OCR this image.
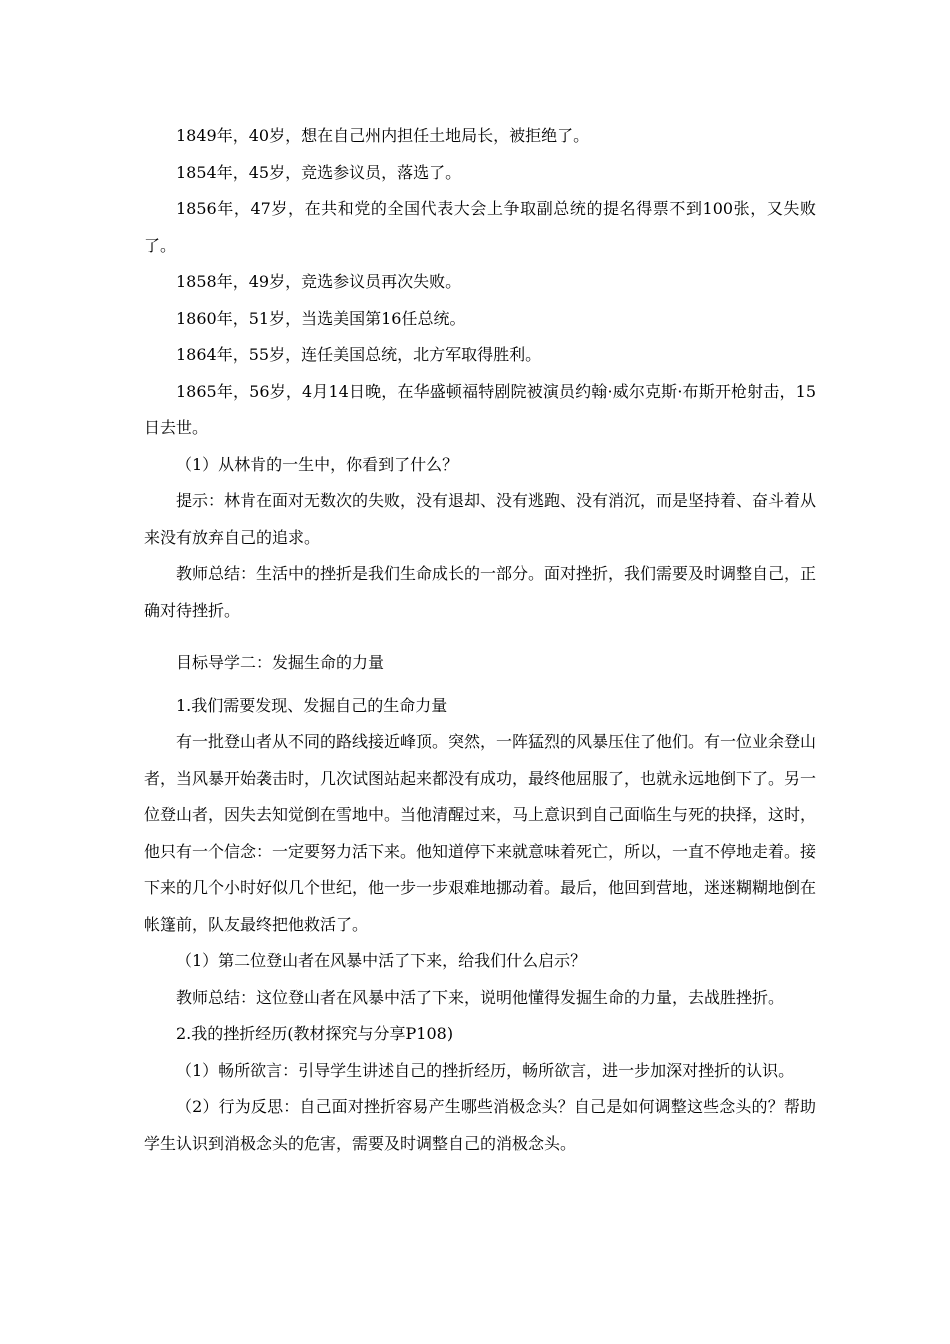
1849年，40岁，想在自己州内担任土地局长，被拒绝了。

1854年，45岁，竞选参议员，落选了。

1856年，47岁，在共和党的全国代表大会上争取副总统的提名得票不到100张，又失败了。

1858年，49岁，竞选参议员再次失败。

1860年，51岁，当选美国第16任总统。

1864年，55岁，连任美国总统，北方军取得胜利。

1865年，56岁，4月14日晚，在华盛顿福特剧院被演员约翰·威尔克斯·布斯开枪射击，15日去世。

（1）从林肯的一生中，你看到了什么？

提示：林肯在面对无数次的失败，没有退却、没有逃跑、没有消沉，而是坚持着、奋斗着从来没有放弃自己的追求。

教师总结：生活中的挫折是我们生命成长的一部分。面对挫折，我们需要及时调整自己，正确对待挫折。

目标导学二：发掘生命的力量

1.我们需要发现、发掘自己的生命力量

有一批登山者从不同的路线接近峰顶。突然，一阵猛烈的风暴压住了他们。有一位业余登山者，当风暴开始袭击时，几次试图站起来都没有成功，最终他屈服了，也就永远地倒下了。另一位登山者，因失去知觉倒在雪地中。当他清醒过来，马上意识到自己面临生与死的抉择，这时，他只有一个信念：一定要努力活下来。他知道停下来就意味着死亡，所以，一直不停地走着。接下来的几个小时好似几个世纪，他一步一步艰难地挪动着。最后，他回到营地，迷迷糊糊地倒在帐篷前，队友最终把他救活了。

（1）第二位登山者在风暴中活了下来，给我们什么启示？

教师总结：这位登山者在风暴中活了下来，说明他懂得发掘生命的力量，去战胜挫折。

2.我的挫折经历(教材探究与分享P108)

（1）畅所欲言：引导学生讲述自己的挫折经历，畅所欲言，进一步加深对挫折的认识。

（2）行为反思：自己面对挫折容易产生哪些消极念头？自己是如何调整这些念头的？帮助学生认识到消极念头的危害，需要及时调整自己的消极念头。
